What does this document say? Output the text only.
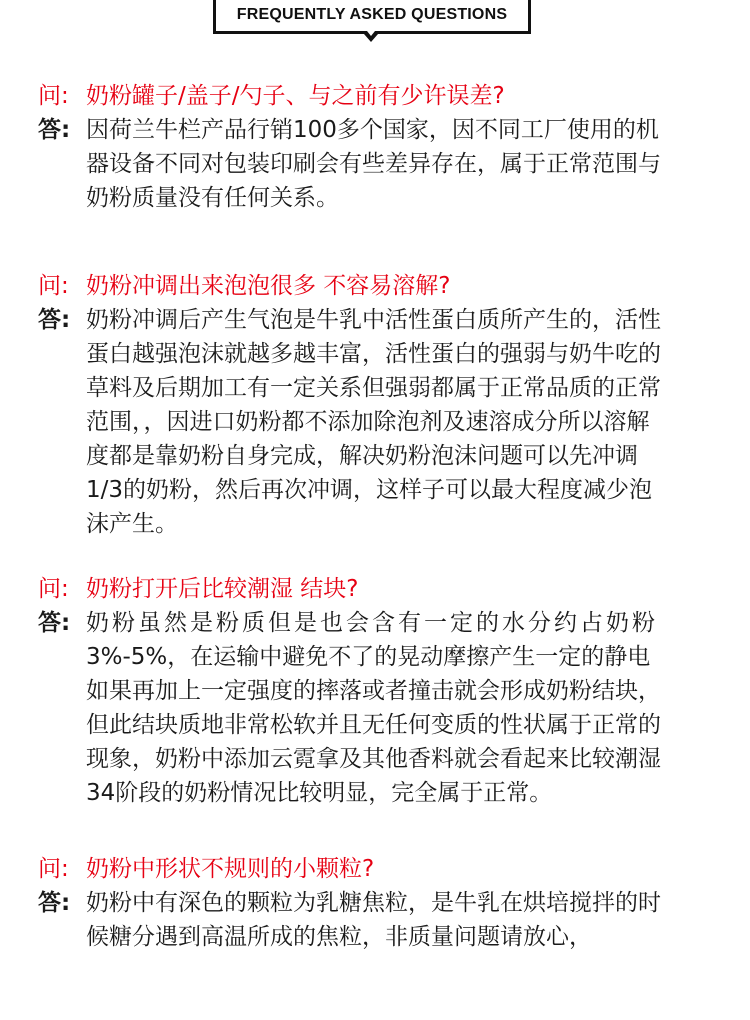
FREQUENTLY ASKED QUESTIONS
问: 奶粉罐子/盖子/勺子、与之前有少许误差?
答: 因荷兰牛栏产品行销100多个国家，因不同工厂使用的机
器设备不同对包装印刷会有些差异存在，属于正常范围与
奶粉质量没有任何关系。
问: 奶粉冲调出来泡泡很多 不容易溶解?
答: 奶粉冲调后产生气泡是牛乳中活性蛋白质所产生的，活性
蛋白越强泡沫就越多越丰富，活性蛋白的强弱与奶牛吃的
草料及后期加工有一定关系但强弱都属于正常品质的正常
范围，，因进口奶粉都不添加除泡剂及速溶成分所以溶解
度都是靠奶粉自身完成，解决奶粉泡沫问题可以先冲调
1/3的奶粉，然后再次冲调，这样子可以最大程度减少泡
沫产生。
问: 奶粉打开后比较潮湿 结块?
答: 奶粉虽然是粉质但是也会含有一定的水分约占奶粉
3%-5%，在运输中避免不了的晃动摩擦产生一定的静电
如果再加上一定强度的摔落或者撞击就会形成奶粉结块，
但此结块质地非常松软并且无任何变质的性状属于正常的
现象，奶粉中添加云霓拿及其他香料就会看起来比较潮湿
34阶段的奶粉情况比较明显，完全属于正常。
问: 奶粉中形状不规则的小颗粒?
答: 奶粉中有深色的颗粒为乳糖焦粒，是牛乳在烘培搅拌的时
候糖分遇到高温所成的焦粒，非质量问题请放心，
